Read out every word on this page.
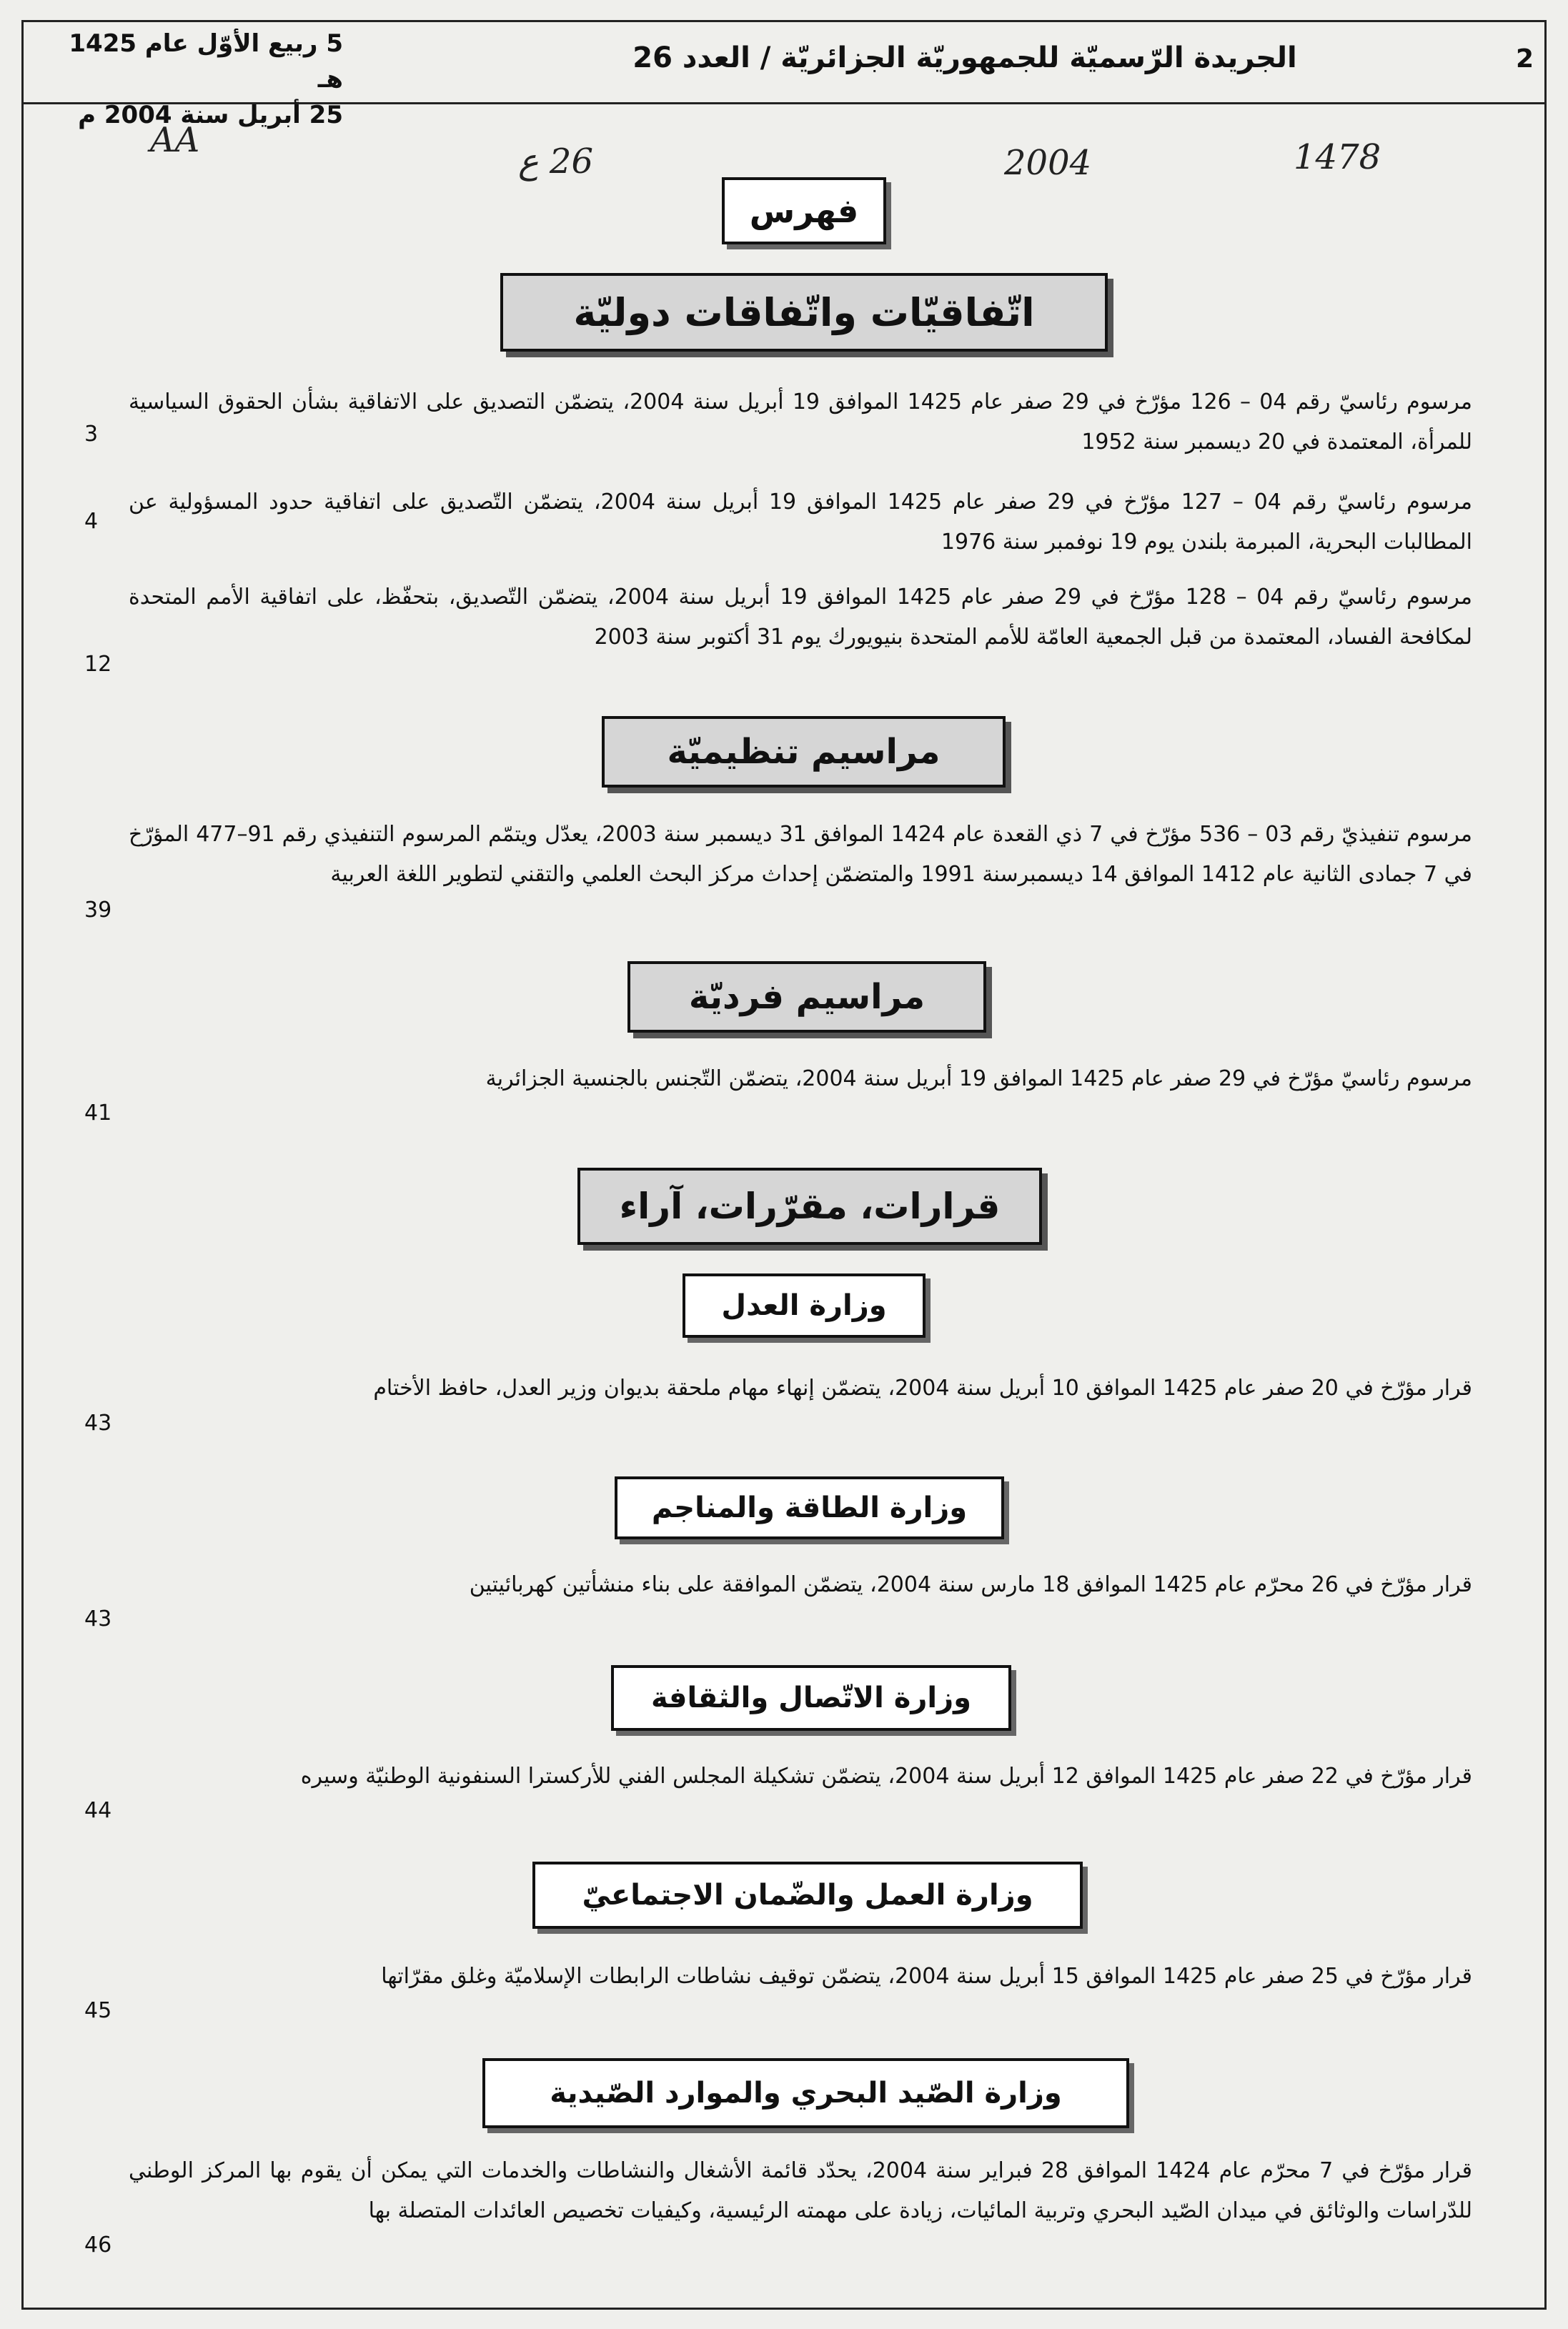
5 ربيع الأوّل عام 1425 هـ
25 أبريل سنة 2004 م
الجريدة الرّسميّة للجمهوريّة الجزائريّة / العدد 26	2
AA
26 ع	2004	1478
فهرس
اتّفاقيّات واتّفاقات دوليّة
مرسوم رئاسيّ رقم 04 – 126 مؤرّخ في 29 صفر عام 1425 الموافق 19 أبريل سنة 2004، يتضمّن التصديق على الاتفاقية بشأن الحقوق السياسية للمرأة، المعتمدة في 20 ديسمبر سنة 1952
3
مرسوم رئاسيّ رقم 04 – 127 مؤرّخ في 29 صفر عام 1425 الموافق 19 أبريل سنة 2004، يتضمّن التّصديق على اتفاقية حدود المسؤولية عن المطالبات البحرية، المبرمة بلندن يوم 19 نوفمبر سنة 1976
4
مرسوم رئاسيّ رقم 04 – 128 مؤرّخ في 29 صفر عام 1425 الموافق 19 أبريل سنة 2004، يتضمّن التّصديق، بتحفّظ، على اتفاقية الأمم المتحدة لمكافحة الفساد، المعتمدة من قبل الجمعية العامّة للأمم المتحدة بنيويورك يوم 31 أكتوبر سنة 2003
12
مراسيم تنظيميّة
مرسوم تنفيذيّ رقم 03 – 536 مؤرّخ في 7 ذي القعدة عام 1424 الموافق 31 ديسمبر سنة 2003، يعدّل ويتمّم المرسوم التنفيذي رقم 91–477 المؤرّخ في 7 جمادى الثانية عام 1412 الموافق 14 ديسمبرسنة 1991 والمتضمّن إحداث مركز البحث العلمي والتقني لتطوير اللغة العربية
39
مراسيم فرديّة
مرسوم رئاسيّ مؤرّخ في 29 صفر عام 1425 الموافق 19 أبريل سنة 2004، يتضمّن التّجنس بالجنسية الجزائرية
41
قرارات، مقرّرات، آراء
وزارة العدل
قرار مؤرّخ في 20 صفر عام 1425 الموافق 10 أبريل سنة 2004، يتضمّن إنهاء مهام ملحقة بديوان وزير العدل، حافظ الأختام
43
وزارة الطاقة والمناجم
قرار مؤرّخ في 26 محرّم عام 1425 الموافق 18 مارس سنة 2004، يتضمّن الموافقة على بناء منشأتين كهربائيتين
43
وزارة الاتّصال والثقافة
قرار مؤرّخ في 22 صفر عام 1425 الموافق 12 أبريل سنة 2004، يتضمّن تشكيلة المجلس الفني للأركسترا السنفونية الوطنيّة وسيره
44
وزارة العمل والضّمان الاجتماعيّ
قرار مؤرّخ في 25 صفر عام 1425 الموافق 15 أبريل سنة 2004، يتضمّن توقيف نشاطات الرابطات الإسلاميّة وغلق مقرّاتها
45
وزارة الصّيد البحري والموارد الصّيدية
قرار مؤرّخ في 7 محرّم عام 1424 الموافق 28 فبراير سنة 2004، يحدّد قائمة الأشغال والنشاطات والخدمات التي يمكن أن يقوم بها المركز الوطني للدّراسات والوثائق في ميدان الصّيد البحري وتربية المائيات، زيادة على مهمته الرئيسية، وكيفيات تخصيص العائدات المتصلة بها
46
